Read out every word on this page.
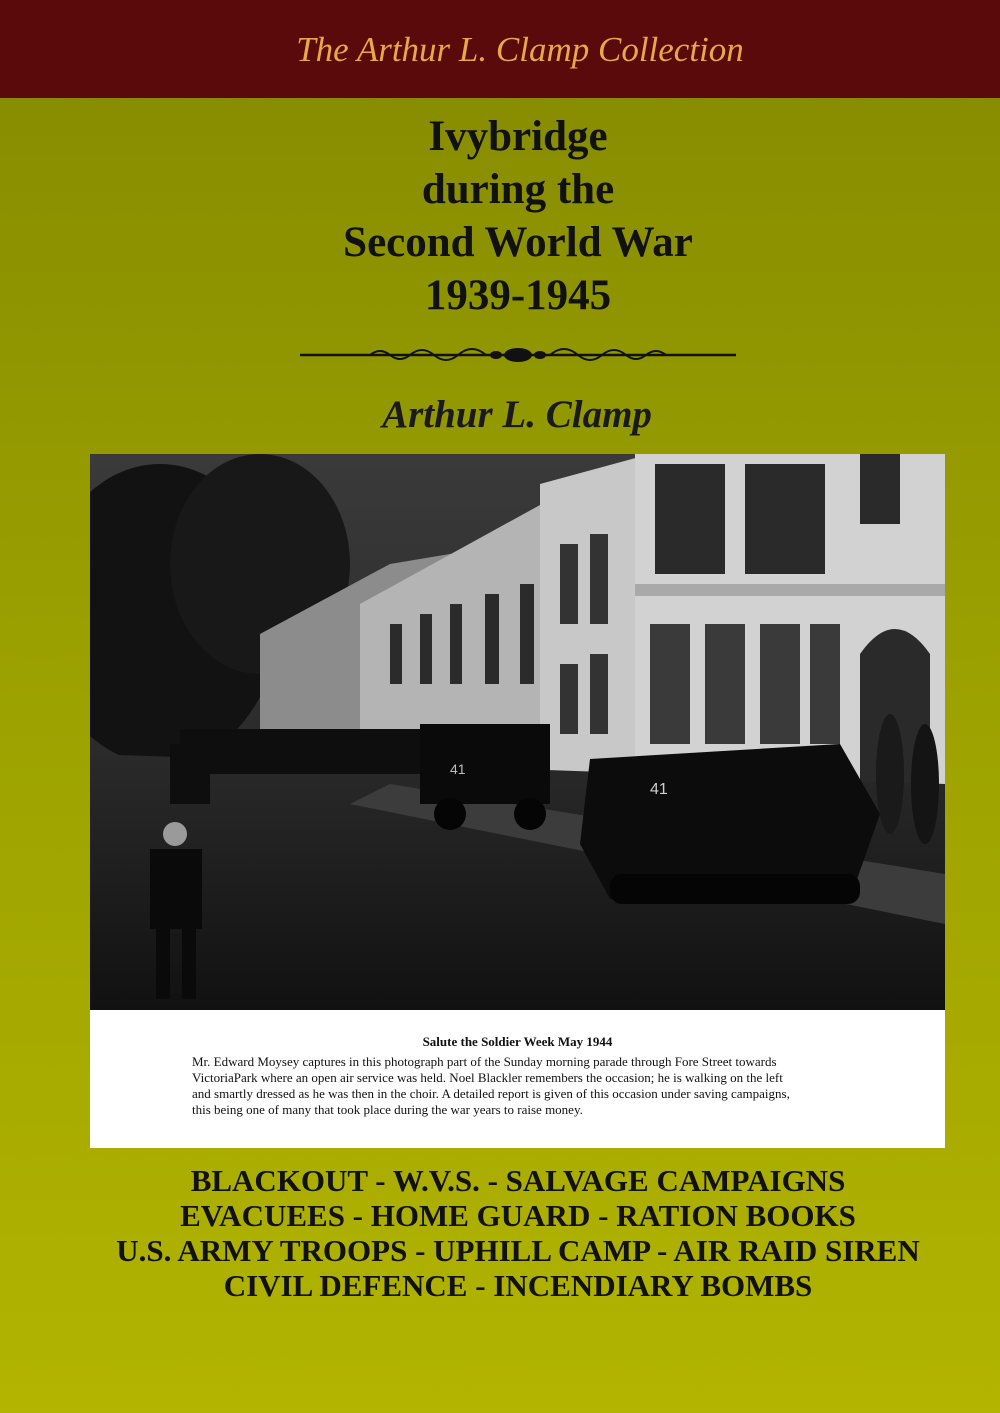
The Arthur L. Clamp Collection
Ivybridge
during the
Second World War
1939-1945
Arthur L. Clamp
41
41
Salute the Soldier Week May 1944
Mr. Edward Moysey captures in this photograph part of the Sunday morning parade through Fore Street towards VictoriaPark where an open air service was held. Noel Blackler remembers the occasion; he is walking on the left and smartly dressed as he was then in the choir. A detailed report is given of this occasion under saving campaigns, this being one of many that took place during the war years to raise money.
BLACKOUT - W.V.S. - SALVAGE CAMPAIGNS
EVACUEES - HOME GUARD - RATION BOOKS
U.S. ARMY TROOPS - UPHILL CAMP - AIR RAID SIREN
CIVIL DEFENCE - INCENDIARY BOMBS
